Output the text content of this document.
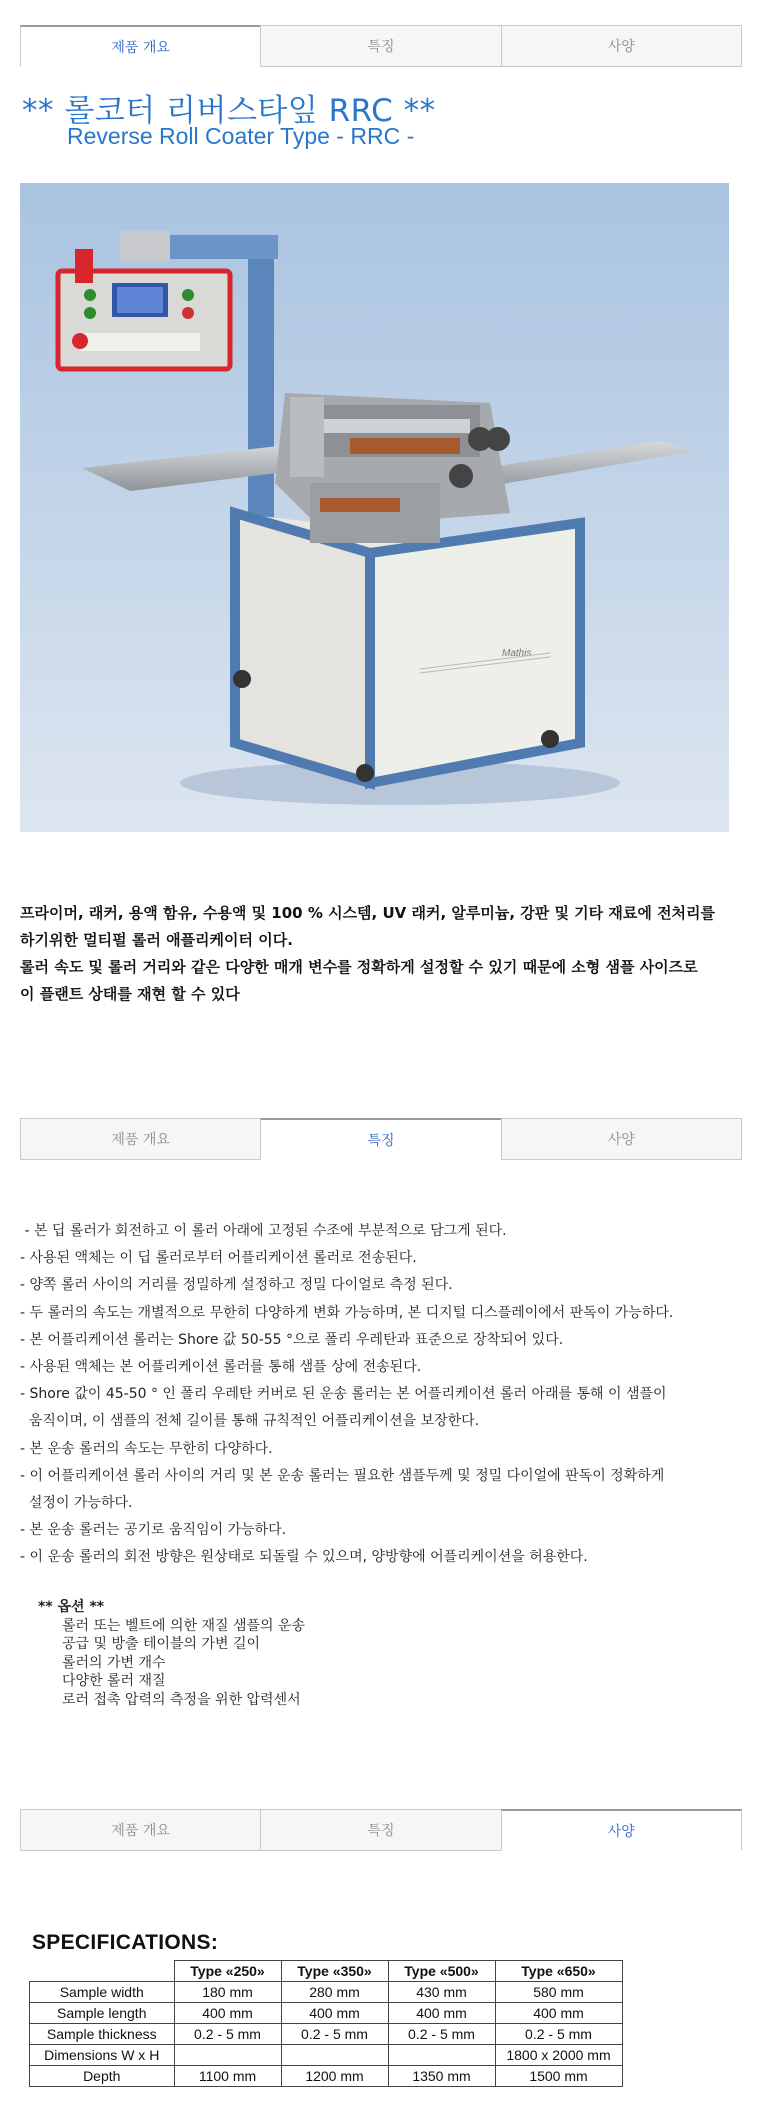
제품 개요	특징	사양
** 롤코터 리버스타잎 RRC **
Reverse Roll Coater Type - RRC -
Mathis

프라이머, 래커, 용액 함유, 수용액 및 100 % 시스템, UV 래커, 알루미늄, 강판 및 기타 재료에 전처리를

하기위한 멀티펄 롤러 애플리케이터 이다.

롤러 속도 및 롤러 거리와 같은 다양한 매개 변수를 정확하게 설정할 수 있기 때문에 소형 샘플 사이즈로

이 플랜트 상태를 재현 할 수 있다

제품 개요	특징	사양

- 본 딥 롤러가 회전하고 이 롤러 아래에 고정된 수조에 부분적으로 담그게 된다.

- 사용된 액체는 이 딥 롤러로부터 어플리케이션 롤러로 전송된다.

- 양쪽 롤러 사이의 거리를 정밀하게 설정하고 정밀 다이얼로 측정 된다.

- 두 롤러의 속도는 개별적으로 무한히 다양하게 변화 가능하며, 본 디지털 디스플레이에서 판독이 가능하다.

- 본 어플리케이션 롤러는 Shore 값 50-55 °으로 폴리 우레탄과 표준으로 장착되어 있다.

- 사용된 액체는 본 어플리케이션 롤러를 통해 샘플 상에 전송된다.

- Shore 값이 45-50 ° 인 폴리 우레탄 커버로 된 운송 롤러는 본 어플리케이션 롤러 아래를 통해 이 샘플이

움직이며, 이 샘플의 전체 길이를 통해 규칙적인 어플리케이션을 보장한다.

- 본 운송 롤러의 속도는 무한히 다양하다.

- 이 어플리케이션 롤러 사이의 거리 및 본 운송 롤러는 필요한 샘플두께 및 정밀 다이얼에 판독이 정확하게

설정이 가능하다.

- 본 운송 롤러는 공기로 움직임이 가능하다.

- 이 운송 롤러의 회전 방향은 원상태로 되돌릴 수 있으며, 양방향에 어플리케이션을 허용한다.

** 옵션 **
롤러 또는 벨트에 의한 재질 샘플의 운송
공급 및 방출 테이블의 가변 길이
롤러의 가변 개수
다양한 롤러 재질
로러 접촉 압력의 측정을 위한 압력센서
제품 개요	특징	사양
SPECIFICATIONS:
	Type «250»	Type «350»	Type «500»	Type «650»
Sample width	180 mm	280 mm	430 mm	580 mm
Sample length	400 mm	400 mm	400 mm	400 mm
Sample thickness	0.2 - 5 mm	0.2 - 5 mm	0.2 - 5 mm	0.2 - 5 mm
Dimensions W x H				1800 x 2000 mm
Depth	1100 mm	1200 mm	1350 mm	1500 mm
